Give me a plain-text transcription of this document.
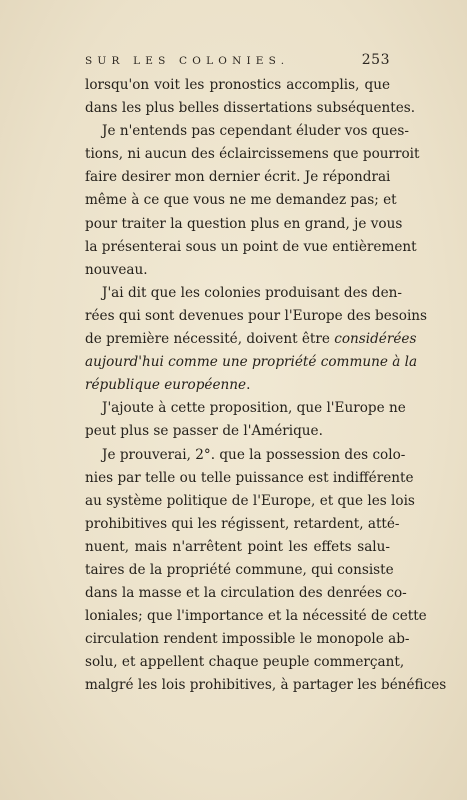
SUR LES COLONIES.	253
lorsqu'on voit les pronostics accomplis, que
dans les plus belles dissertations subséquentes.
Je n'entends pas cependant éluder vos ques-
tions, ni aucun des éclaircissemens que pourroit
faire desirer mon dernier écrit. Je répondrai
même à ce que vous ne me demandez pas; et
pour traiter la question plus en grand, je vous
la présenterai sous un point de vue entièrement
nouveau.
J'ai dit que les colonies produisant des den-
rées qui sont devenues pour l'Europe des besoins
de première nécessité, doivent être considérées
aujourd'hui comme une propriété commune à la
république européenne.
J'ajoute à cette proposition, que l'Europe ne
peut plus se passer de l'Amérique.
Je prouverai, 2°. que la possession des colo-
nies par telle ou telle puissance est indifférente
au système politique de l'Europe, et que les lois
prohibitives qui les régissent, retardent, atté-
nuent, mais n'arrêtent point les effets salu-
taires de la propriété commune, qui consiste
dans la masse et la circulation des denrées co-
loniales; que l'importance et la nécessité de cette
circulation rendent impossible le monopole ab-
solu, et appellent chaque peuple commerçant,
malgré les lois prohibitives, à partager les bénéfices
